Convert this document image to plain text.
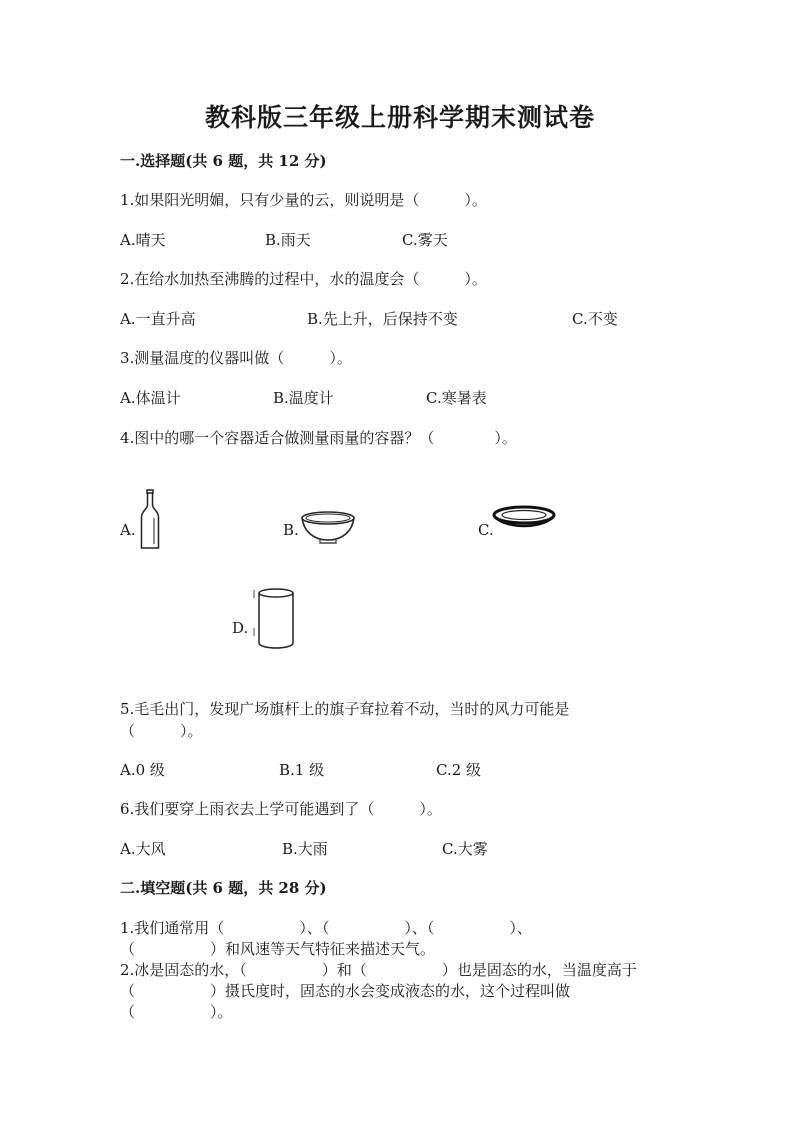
教科版三年级上册科学期末测试卷
一.选择题(共 6 题，共 12 分)
1.如果阳光明媚，只有少量的云，则说明是（　　　）。
A.晴天	B.雨天	C.雾天
2.在给水加热至沸腾的过程中，水的温度会（　　　）。
A.一直升高	B.先上升，后保持不变	C.不变
3.测量温度的仪器叫做（　　　）。
A.体温计	B.温度计	C.寒暑表
4.图中的哪一个容器适合做测量雨量的容器？（　　　　）。
A.	B.	C.
D.
5.毛毛出门，发现广场旗杆上的旗子耷拉着不动，当时的风力可能是
（　　　）。
A.0 级	B.1 级	C.2 级
6.我们要穿上雨衣去上学可能遇到了（　　　）。
A.大风	B.大雨	C.大雾
二.填空题(共 6 题，共 28 分)
1.我们通常用（　　　　　）、（　　　　　）、（　　　　　）、
（　　　　　）和风速等天气特征来描述天气。
2.冰是固态的水，（　　　　　）和（　　　　　）也是固态的水，当温度高于
（　　　　　）摄氏度时，固态的水会变成液态的水，这个过程叫做
（　　　　　）。
